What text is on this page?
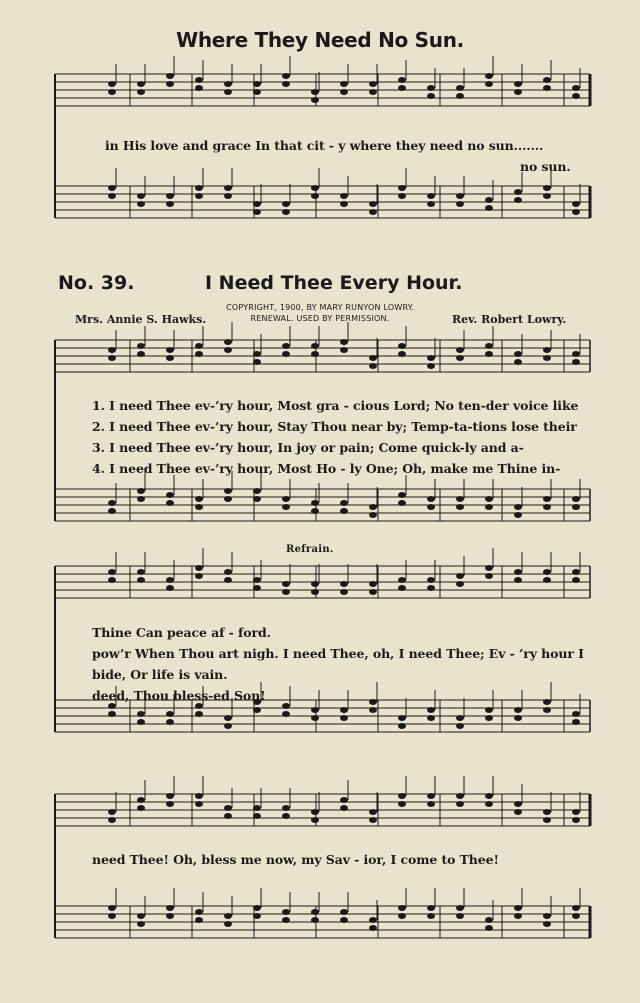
Where They Need No Sun.
in His love and grace In that cit - y where they need no sun.......
no sun.
No. 39.	I Need Thee Every Hour.
COPYRIGHT, 1900, BY MARY RUNYON LOWRY.
RENEWAL. USED BY PERMISSION.
Mrs. Annie S. Hawks.	Rev. Robert Lowry.
1. I need Thee ev-’ry hour, Most gra - cious Lord; No ten-der voice like
2. I need Thee ev-’ry hour, Stay Thou near by; Temp-ta-tions lose their
3. I need Thee ev-’ry hour, In joy or pain; Come quick-ly and a-
4. I need Thee ev-’ry hour, Most Ho - ly One; Oh, make me Thine in-
Refrain.
Thine Can peace af - ford.
pow’r When Thou art nigh. I need Thee, oh, I need Thee; Ev - ’ry hour I
bide, Or life is vain.
deed, Thou bless-ed Son!
need Thee! Oh, bless me now, my Sav - ior, I come to Thee!
